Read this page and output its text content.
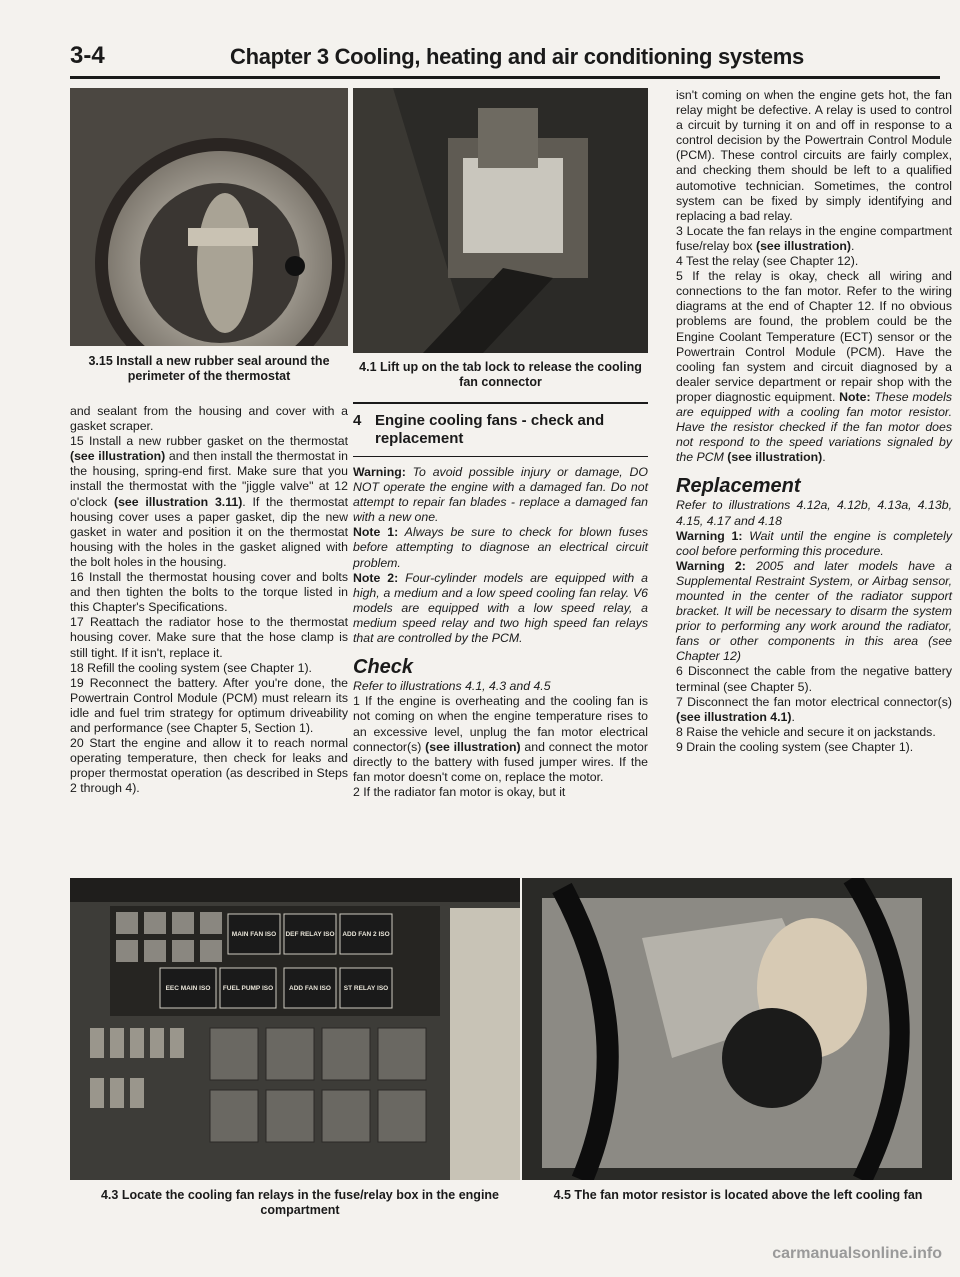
3-4	Chapter 3 Cooling, heating and air conditioning systems
3.15 Install a new rubber seal around the perimeter of the thermostat
4.1 Lift up on the tab lock to release the cooling fan connector

and sealant from the housing and cover with a gasket scraper.

15 Install a new rubber gasket on the thermostat (see illustration) and then install the thermostat in the housing, spring-end first. Make sure that you install the thermostat with the "jiggle valve" at 12 o'clock (see illustration 3.11). If the thermostat housing cover uses a paper gasket, dip the new gasket in water and position it on the thermostat housing with the holes in the gasket aligned with the bolt holes in the housing.

16 Install the thermostat housing cover and bolts and then tighten the bolts to the torque listed in this Chapter's Specifications.

17 Reattach the radiator hose to the thermostat housing cover. Make sure that the hose clamp is still tight. If it isn't, replace it.

18 Refill the cooling system (see Chapter 1).

19 Reconnect the battery. After you're done, the Powertrain Control Module (PCM) must relearn its idle and fuel trim strategy for optimum driveability and performance (see Chapter 5, Section 1).

20 Start the engine and allow it to reach normal operating temperature, then check for leaks and proper thermostat operation (as described in Steps 2 through 4).

4 Engine cooling fans - check and replacement

Warning: To avoid possible injury or damage, DO NOT operate the engine with a damaged fan. Do not attempt to repair fan blades - replace a damaged fan with a new one.

Note 1: Always be sure to check for blown fuses before attempting to diagnose an electrical circuit problem.

Note 2: Four-cylinder models are equipped with a high, a medium and a low speed cooling fan relay. V6 models are equipped with a low speed relay, a medium speed relay and two high speed fan relays that are controlled by the PCM.

Check

Refer to illustrations 4.1, 4.3 and 4.5

1 If the engine is overheating and the cooling fan is not coming on when the engine temperature rises to an excessive level, unplug the fan motor electrical connector(s) (see illustration) and connect the motor directly to the battery with fused jumper wires. If the fan motor doesn't come on, replace the motor.

2 If the radiator fan motor is okay, but it

isn't coming on when the engine gets hot, the fan relay might be defective. A relay is used to control a circuit by turning it on and off in response to a control decision by the Powertrain Control Module (PCM). These control circuits are fairly complex, and checking them should be left to a qualified automotive technician. Sometimes, the control system can be fixed by simply identifying and replacing a bad relay.

3 Locate the fan relays in the engine compartment fuse/relay box (see illustration).

4 Test the relay (see Chapter 12).

5 If the relay is okay, check all wiring and connections to the fan motor. Refer to the wiring diagrams at the end of Chapter 12. If no obvious problems are found, the problem could be the Engine Coolant Temperature (ECT) sensor or the Powertrain Control Module (PCM). Have the cooling fan system and circuit diagnosed by a dealer service department or repair shop with the proper diagnostic equipment. Note: These models are equipped with a cooling fan motor resistor. Have the resistor checked if the fan motor does not respond to the speed variations signaled by the PCM (see illustration).

Replacement

Refer to illustrations 4.12a, 4.12b, 4.13a, 4.13b, 4.15, 4.17 and 4.18

Warning 1: Wait until the engine is completely cool before performing this procedure.

Warning 2: 2005 and later models have a Supplemental Restraint System, or Airbag sensor, mounted in the center of the radiator support bracket. It will be necessary to disarm the system prior to performing any work around the radiator, fans or other components in this area (see Chapter 12)

6 Disconnect the cable from the negative battery terminal (see Chapter 5).

7 Disconnect the fan motor electrical connector(s) (see illustration 4.1).

8 Raise the vehicle and secure it on jackstands.

9 Drain the cooling system (see Chapter 1).

MAIN FAN ISO DEF RELAY ISO ADD FAN 2 ISO
EEC MAIN ISO FUEL PUMP ISO ADD FAN ISO ST RELAY ISO
4.3 Locate the cooling fan relays in the fuse/relay box in the engine compartment
4.5 The fan motor resistor is located above the left cooling fan
carmanualsonline.info
